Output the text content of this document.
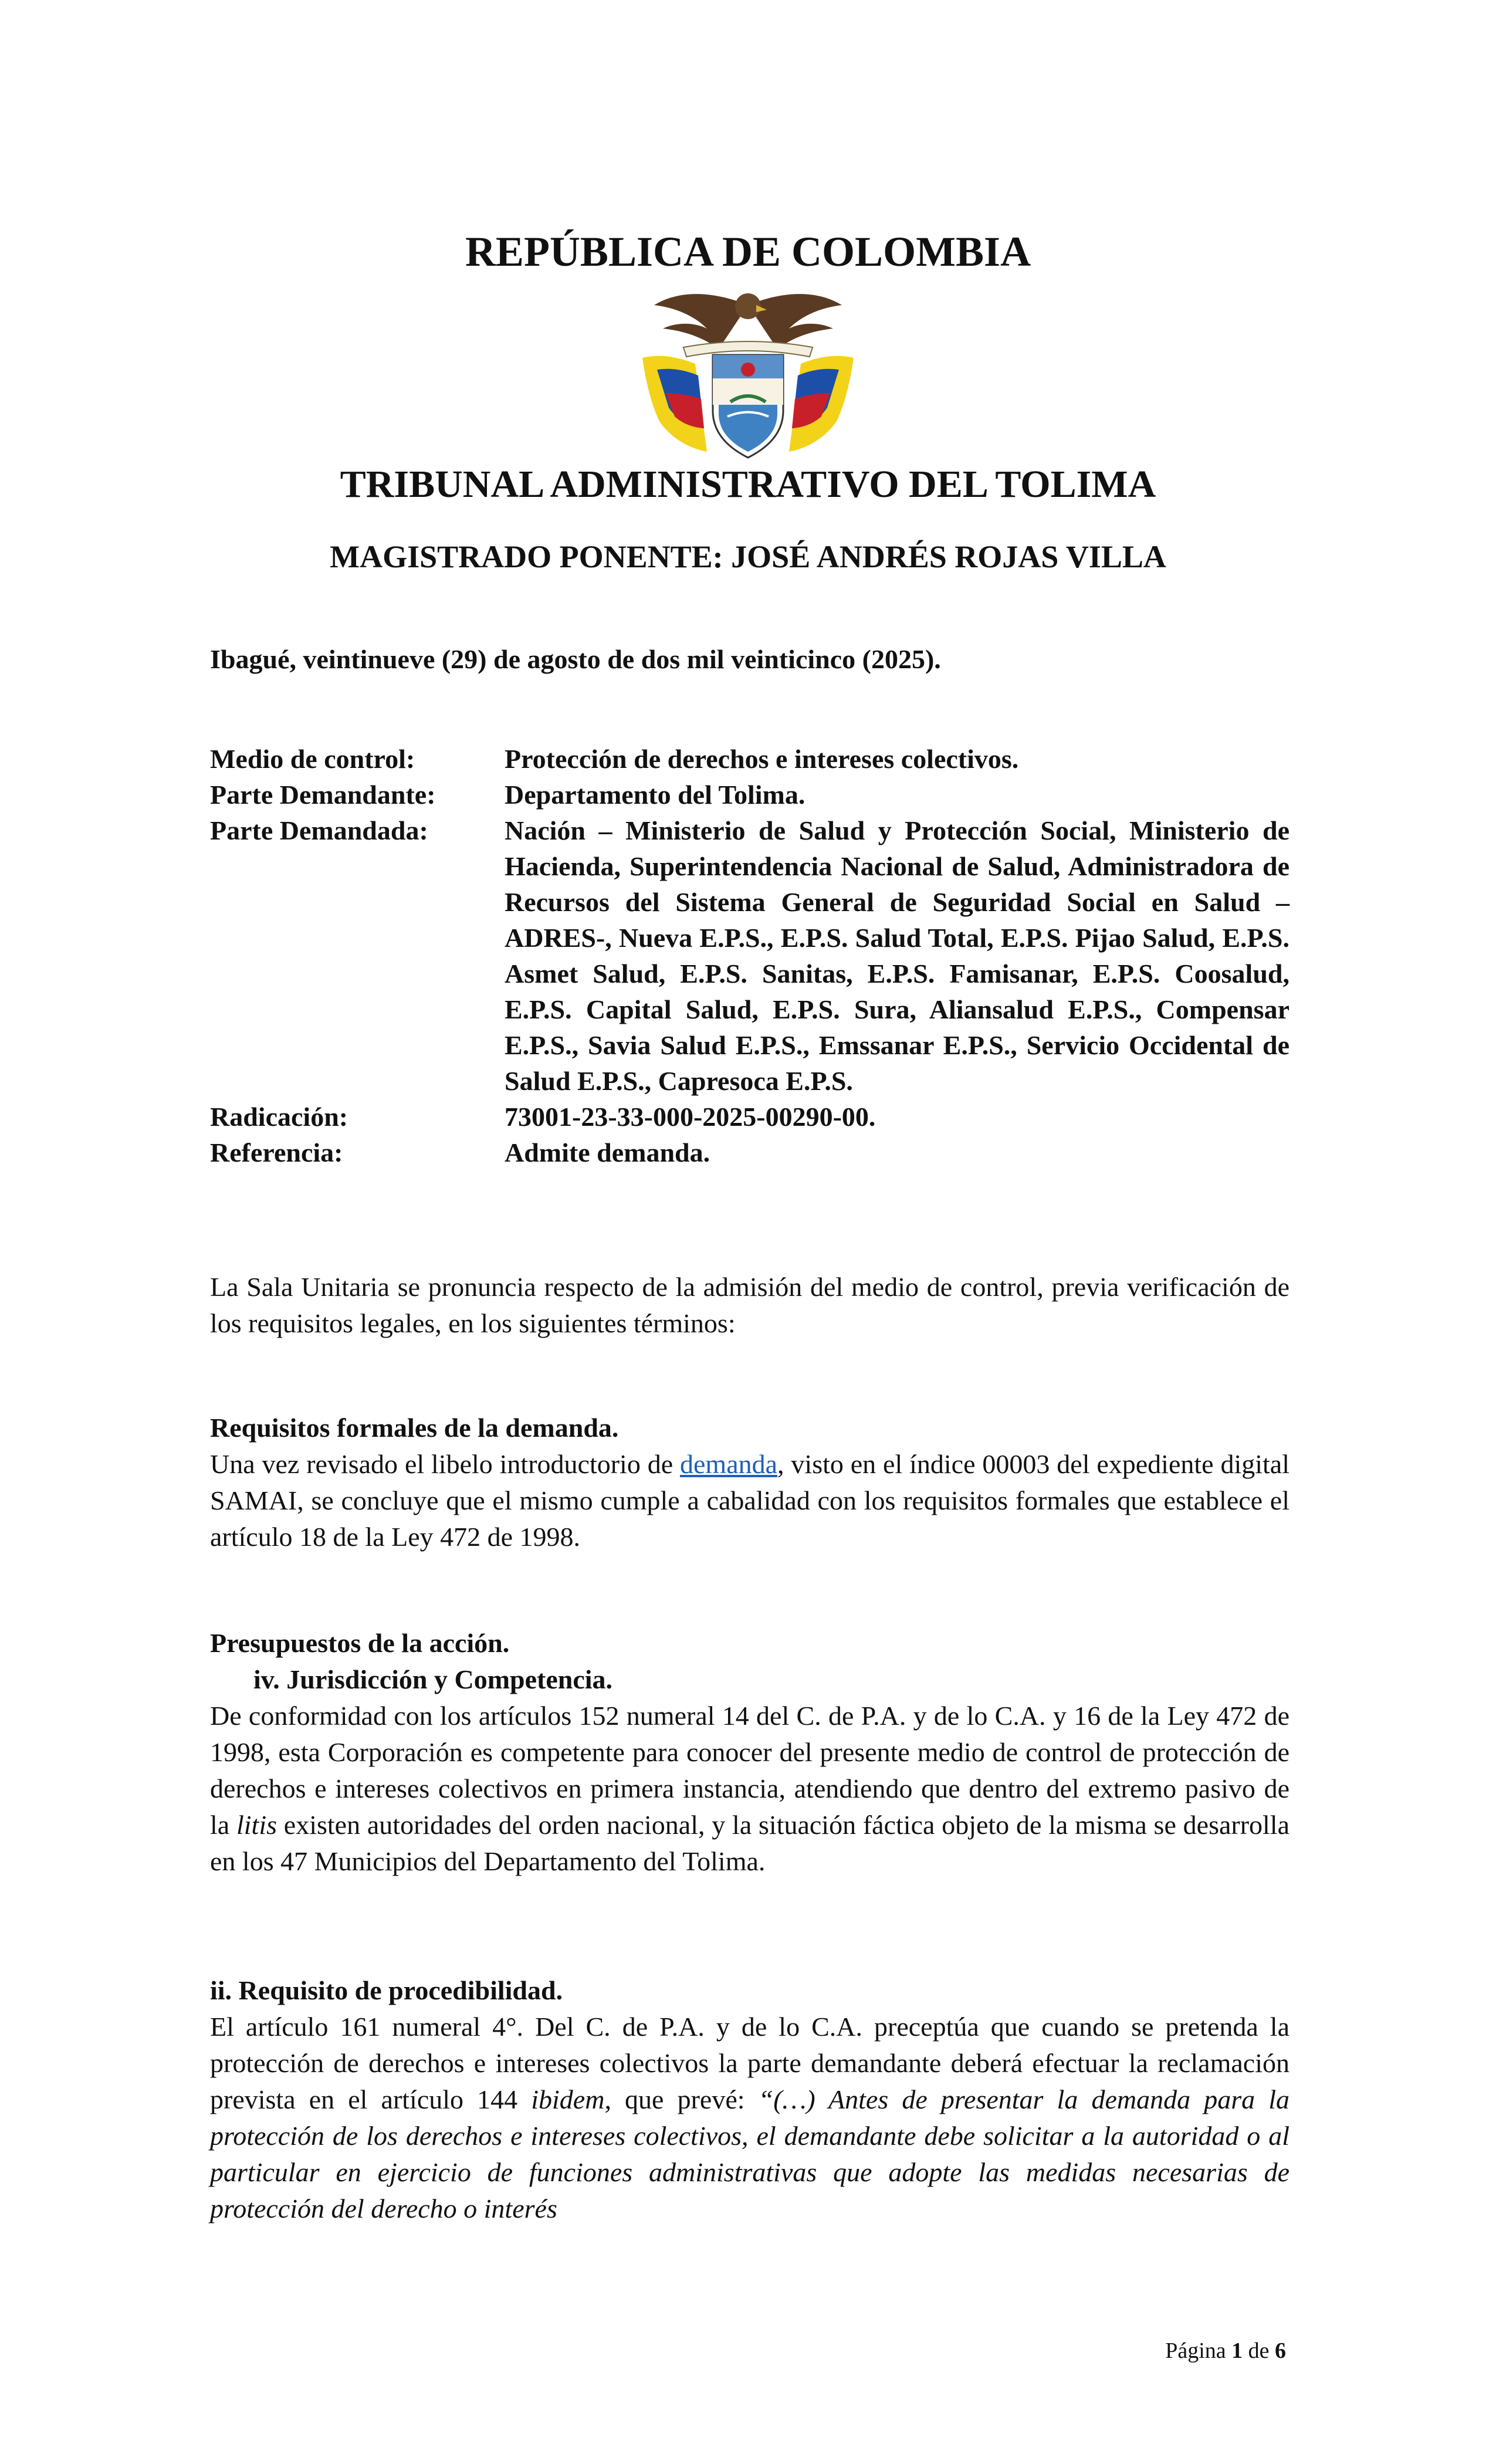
REPÚBLICA DE COLOMBIA
TRIBUNAL ADMINISTRATIVO DEL TOLIMA
MAGISTRADO PONENTE: JOSÉ ANDRÉS ROJAS VILLA
Ibagué, veintinueve (29) de agosto de dos mil veinticinco (2025).
Medio de control:	Protección de derechos e intereses colectivos.
Parte Demandante:	Departamento del Tolima.
Parte Demandada:	Nación – Ministerio de Salud y Protección Social, Ministerio de Hacienda, Superintendencia Nacional de Salud, Administradora de Recursos del Sistema General de Seguridad Social en Salud –ADRES-, Nueva E.P.S., E.P.S. Salud Total, E.P.S. Pijao Salud, E.P.S. Asmet Salud, E.P.S. Sanitas, E.P.S. Famisanar, E.P.S. Coosalud, E.P.S. Capital Salud, E.P.S. Sura, Aliansalud E.P.S., Compensar E.P.S., Savia Salud E.P.S., Emssanar E.P.S., Servicio Occidental de Salud E.P.S., Capresoca E.P.S.
Radicación:	73001-23-33-000-2025-00290-00.
Referencia:	Admite demanda.

La Sala Unitaria se pronuncia respecto de la admisión del medio de control, previa verificación de los requisitos legales, en los siguientes términos:

Requisitos formales de la demanda.

Una vez revisado el libelo introductorio de demanda, visto en el índice 00003 del expediente digital SAMAI, se concluye que el mismo cumple a cabalidad con los requisitos formales que establece el artículo 18 de la Ley 472 de 1998.

Presupuestos de la acción.

iv. Jurisdicción y Competencia.

De conformidad con los artículos 152 numeral 14 del C. de P.A. y de lo C.A. y 16 de la Ley 472 de 1998, esta Corporación es competente para conocer del presente medio de control de protección de derechos e intereses colectivos en primera instancia, atendiendo que dentro del extremo pasivo de la litis existen autoridades del orden nacional, y la situación fáctica objeto de la misma se desarrolla en los 47 Municipios del Departamento del Tolima.

ii. Requisito de procedibilidad.

El artículo 161 numeral 4°. Del C. de P.A. y de lo C.A. preceptúa que cuando se pretenda la protección de derechos e intereses colectivos la parte demandante deberá efectuar la reclamación prevista en el artículo 144 ibidem, que prevé: “(…) Antes de presentar la demanda para la protección de los derechos e intereses colectivos, el demandante debe solicitar a la autoridad o al particular en ejercicio de funciones administrativas que adopte las medidas necesarias de protección del derecho o interés

Página 1 de 6
